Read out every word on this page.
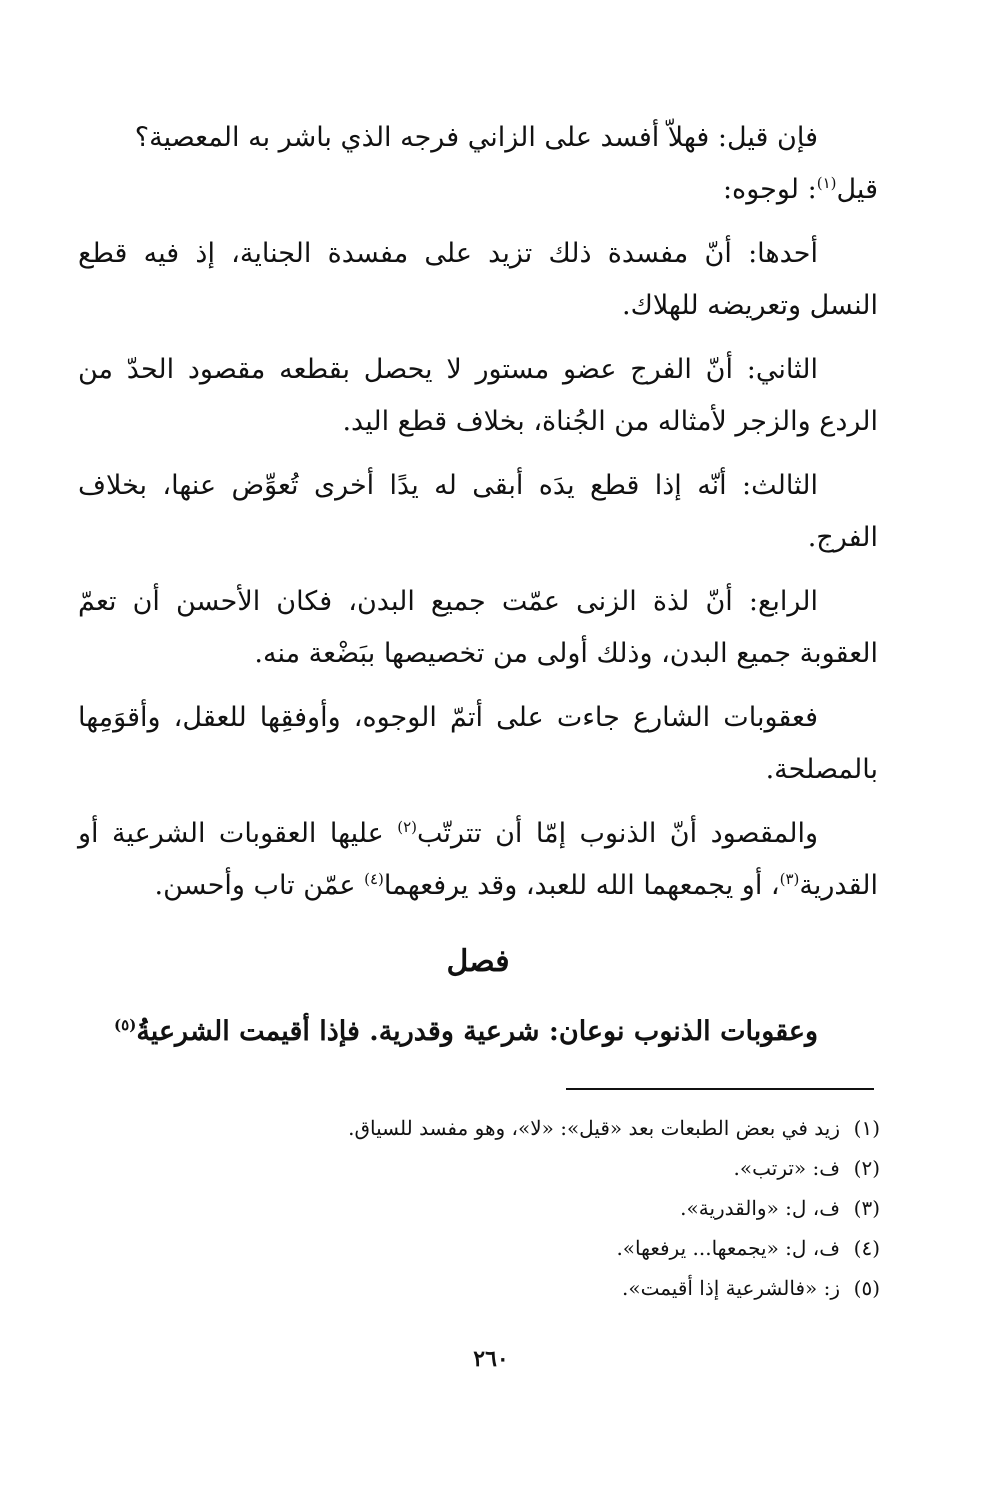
فإن قيل: فهلاّ أفسد على الزاني فرجه الذي باشر به المعصية؟

قيل$^{(١)}$: لوجوه:

أحدها: أنّ مفسدة ذلك تزيد على مفسدة الجناية، إذ فيه قطع النسل وتعريضه للهلاك.

الثاني: أنّ الفرج عضو مستور لا يحصل بقطعه مقصود الحدّ من الردع والزجر لأمثاله من الجُناة، بخلاف قطع اليد.

الثالث: أنّه إذا قطع يدَه أبقى له يدًا أخرى تُعوِّض عنها، بخلاف الفرج.

الرابع: أنّ لذة الزنى عمّت جميع البدن، فكان الأحسن أن تعمّ العقوبة جميع البدن، وذلك أولى من تخصيصها ببَضْعة منه.

فعقوبات الشارع جاءت على أتمّ الوجوه، وأوفقِها للعقل، وأقوَمِها بالمصلحة.

والمقصود أنّ الذنوب إمّا أن تترتّب$^{(٢)}$ عليها العقوبات الشرعية أو القدرية$^{(٣)}$، أو يجمعهما الله للعبد، وقد يرفعهما$^{(٤)}$ عمّن تاب وأحسن.

فصل

وعقوبات الذنوب نوعان: شرعية وقدرية. فإذا أقيمت الشرعيةُ$^{(٥)}$

(١)
زيد في بعض الطبعات بعد «قيل»: «لا»، وهو مفسد للسياق.
(٢)
ف: «ترتب».
(٣)
ف، ل: «والقدرية».
(٤)
ف، ل: «يجمعها... يرفعها».
(٥)
ز: «فالشرعية إذا أقيمت».
٢٦٠
